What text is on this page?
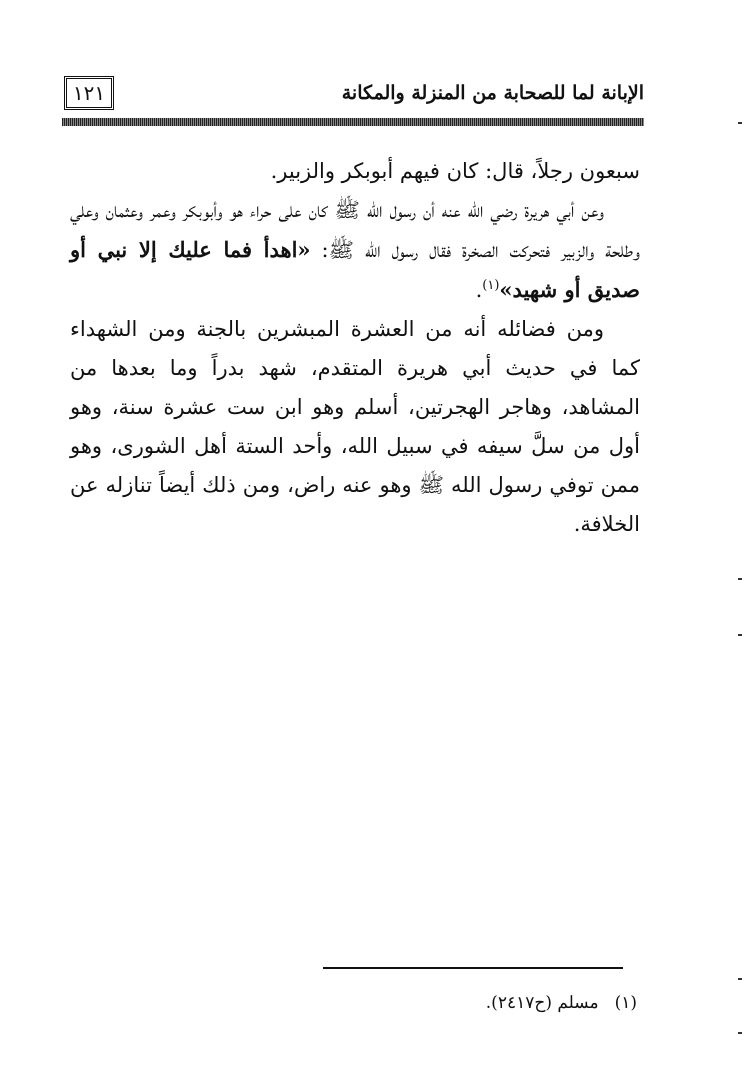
١٢١	الإبانة لما للصحابة من المنزلة والمكانة

سبعون رجلاً، قال: كان فيهم أبوبكر والزبير.

وعن أبي هريرة رضي الله عنه أن رسول الله ﷺ كان على حراء هو وأبوبكر وعمر وعثمان وعلي وطلحة والزبير فتحركت الصخرة فقال رسول الله ﷺ: «اهدأ فما عليك إلا نبي أو صديق أو شهيد»$^{(١)}$.

ومن فضائله أنه من العشرة المبشرين بالجنة ومن الشهداء كما في حديث أبي هريرة المتقدم، شهد بدراً وما بعدها من المشاهد، وهاجر الهجرتين، أسلم وهو ابن ست عشرة سنة، وهو أول من سلَّ سيفه في سبيل الله، وأحد الستة أهل الشورى، وهو ممن توفي رسول الله ﷺ وهو عنه راض، ومن ذلك أيضاً تنازله عن الخلافة.

(١)مسلم (ح٢٤١٧).
